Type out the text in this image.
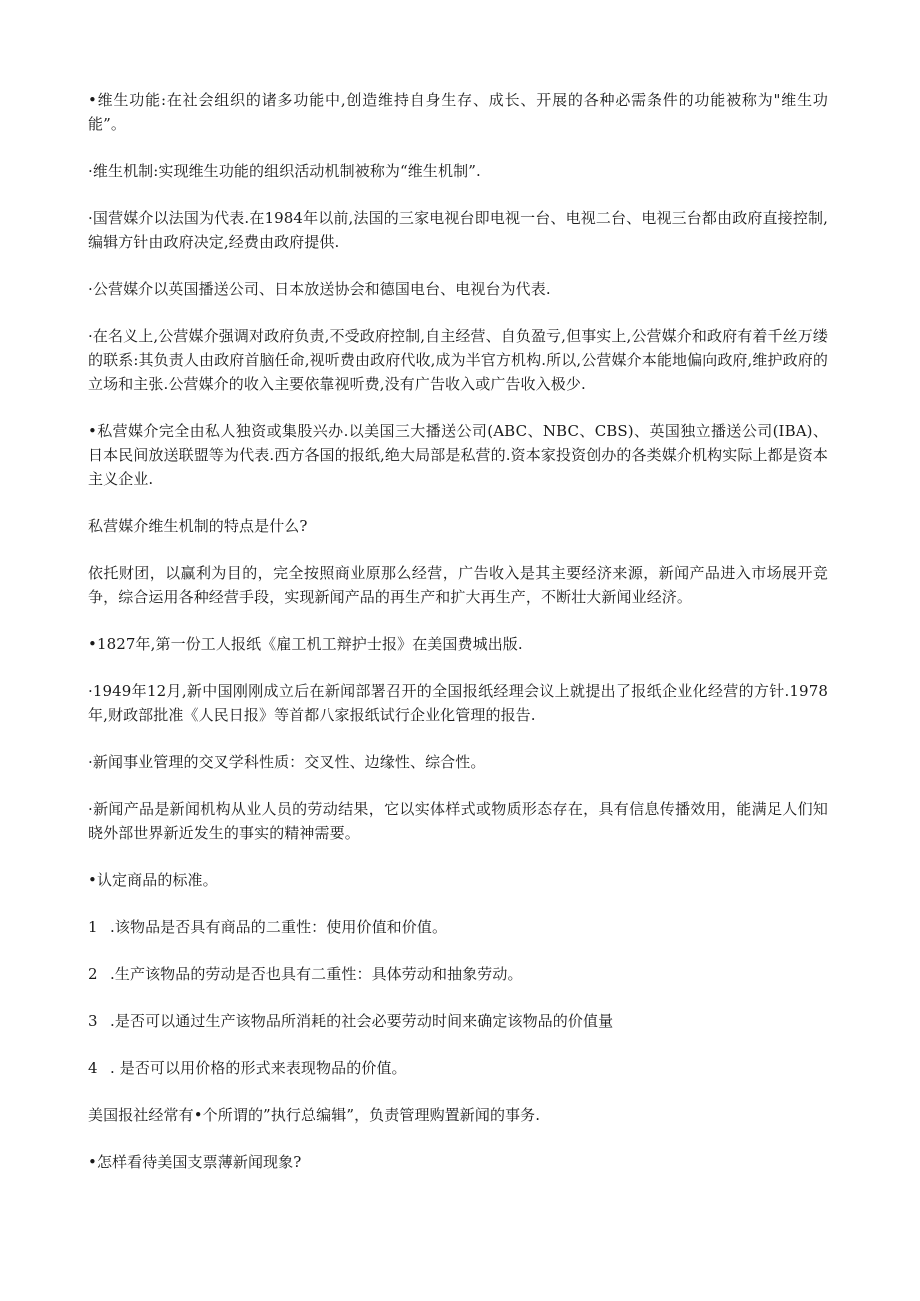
•维生功能:在社会组织的诸多功能中,创造维持自身生存、成长、开展的各种必需条件的功能被称为"维生功能”。

·维生机制:实现维生功能的组织活动机制被称为“维生机制”.

·国营媒介以法国为代表.在1984年以前,法国的三家电视台即电视一台、电视二台、电视三台都由政府直接控制,编辑方针由政府决定,经费由政府提供.

·公营媒介以英国播送公司、日本放送协会和德国电台、电视台为代表.

·在名义上,公营媒介强调对政府负责,不受政府控制,自主经营、自负盈亏,但事实上,公营媒介和政府有着千丝万缕的联系:其负责人由政府首脑任命,视听费由政府代收,成为半官方机构.所以,公营媒介本能地偏向政府,维护政府的立场和主张.公营媒介的收入主要依靠视听费,没有广告收入或广告收入极少.

•私营媒介完全由私人独资或集股兴办.以美国三大播送公司(ABC、NBC、CBS)、英国独立播送公司(IBA)、日本民间放送联盟等为代表.西方各国的报纸,绝大局部是私营的.资本家投资创办的各类媒介机构实际上都是资本主义企业.

私营媒介维生机制的特点是什么?

依托财团，以赢利为目的，完全按照商业原那么经营，广告收入是其主要经济来源，新闻产品进入市场展开竞争，综合运用各种经营手段，实现新闻产品的再生产和扩大再生产，不断壮大新闻业经济。

•1827年,第一份工人报纸《雇工机工辩护士报》在美国费城出版.

·1949年12月,新中国刚刚成立后在新闻部署召开的全国报纸经理会议上就提出了报纸企业化经营的方针.1978年,财政部批准《人民日报》等首都八家报纸试行企业化管理的报告.

·新闻事业管理的交叉学科性质：交叉性、边缘性、综合性。

·新闻产品是新闻机构从业人员的劳动结果，它以实体样式或物质形态存在，具有信息传播效用，能满足人们知晓外部世界新近发生的事实的精神需要。

•认定商品的标准。

1 .该物品是否具有商品的二重性：使用价值和价值。

2 .生产该物品的劳动是否也具有二重性：具体劳动和抽象劳动。

3 .是否可以通过生产该物品所消耗的社会必要劳动时间来确定该物品的价值量

4 . 是否可以用价格的形式来表现物品的价值。

美国报社经常有•个所谓的”执行总编辑”，负责管理购置新闻的事务.

•怎样看待美国支票薄新闻现象?
